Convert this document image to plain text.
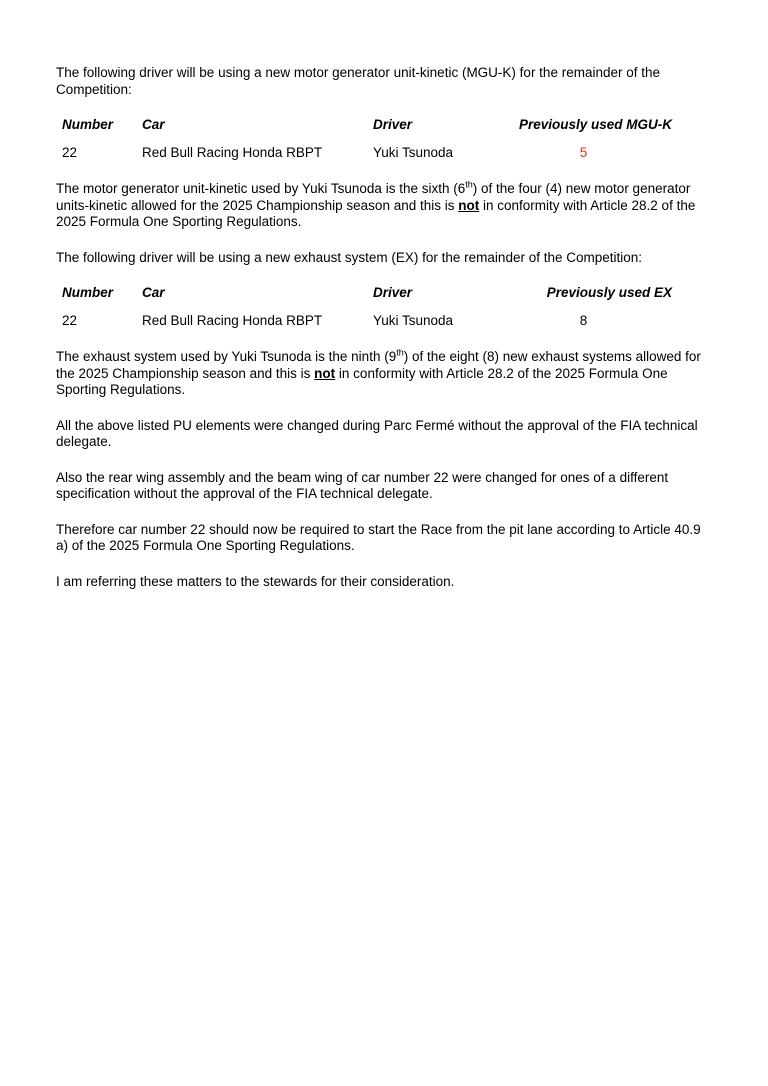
The following driver will be using a new motor generator unit-kinetic (MGU-K) for the remainder of the Competition:

Number	Car	Driver	Previously used MGU-K
22	Red Bull Racing Honda RBPT	Yuki Tsunoda	5

The motor generator unit-kinetic used by Yuki Tsunoda is the sixth (6th) of the four (4) new motor generator units-kinetic allowed for the 2025 Championship season and this is not in conformity with Article 28.2 of the 2025 Formula One Sporting Regulations.

The following driver will be using a new exhaust system (EX) for the remainder of the Competition:

Number	Car	Driver	Previously used EX
22	Red Bull Racing Honda RBPT	Yuki Tsunoda	8

The exhaust system used by Yuki Tsunoda is the ninth (9th) of the eight (8) new exhaust systems allowed for the 2025 Championship season and this is not in conformity with Article 28.2 of the 2025 Formula One Sporting Regulations.

All the above listed PU elements were changed during Parc Fermé without the approval of the FIA technical delegate.

Also the rear wing assembly and the beam wing of car number 22 were changed for ones of a different specification without the approval of the FIA technical delegate.

Therefore car number 22 should now be required to start the Race from the pit lane according to Article 40.9 a) of the 2025 Formula One Sporting Regulations.

I am referring these matters to the stewards for their consideration.
